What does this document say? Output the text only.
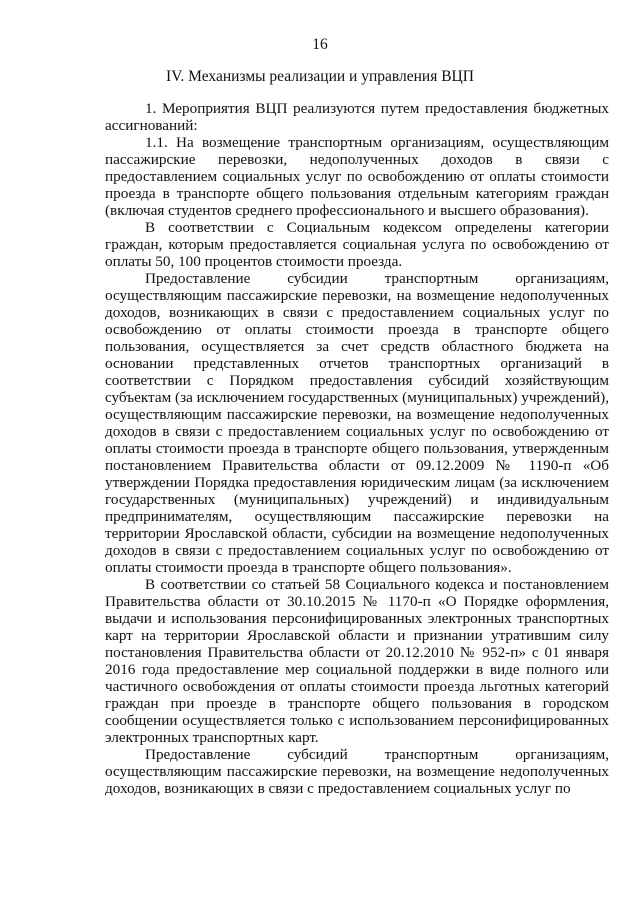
16
IV. Механизмы реализации и управления ВЦП

1. Мероприятия ВЦП реализуются путем предоставления бюджетных ассигнований:

1.1. На возмещение транспортным организациям, осуществляющим пассажирские перевозки, недополученных доходов в связи с предоставлением социальных услуг по освобождению от оплаты стоимости проезда в транспорте общего пользования отдельным категориям граждан (включая студентов среднего профессионального и высшего образования).

В соответствии с Социальным кодексом определены категории граждан, которым предоставляется социальная услуга по освобождению от оплаты 50, 100 процентов стоимости проезда.

Предоставление субсидии транспортным организациям, осуществляющим пассажирские перевозки, на возмещение недополученных доходов, возникающих в связи с предоставлением социальных услуг по освобождению от оплаты стоимости проезда в транспорте общего пользования, осуществляется за счет средств областного бюджета на основании представленных отчетов транспортных организаций в соответствии с Порядком предоставления субсидий хозяйствующим субъектам (за исключением государственных (муниципальных) учреждений), осуществляющим пассажирские перевозки, на возмещение недополученных доходов в связи с предоставлением социальных услуг по освобождению от оплаты стоимости проезда в транспорте общего пользования, утвержденным постановлением Правительства области от 09.12.2009 № 1190-п «Об утверждении Порядка предоставления юридическим лицам (за исключением государственных (муниципальных) учреждений) и индивидуальным предпринимателям, осуществляющим пассажирские перевозки на территории Ярославской области, субсидии на возмещение недополученных доходов в связи с предоставлением социальных услуг по освобождению от оплаты стоимости проезда в транспорте общего пользования».

В соответствии со статьей 58 Социального кодекса и постановлением Правительства области от 30.10.2015 № 1170-п «О Порядке оформления, выдачи и использования персонифицированных электронных транспортных карт на территории Ярославской области и признании утратившим силу постановления Правительства области от 20.12.2010 № 952-п» с 01 января 2016 года предоставление мер социальной поддержки в виде полного или частичного освобождения от оплаты стоимости проезда льготных категорий граждан при проезде в транспорте общего пользования в городском сообщении осуществляется только с использованием персонифицированных электронных транспортных карт.

Предоставление субсидий транспортным организациям, осуществляющим пассажирские перевозки, на возмещение недополученных доходов, возникающих в связи с предоставлением социальных услуг по
